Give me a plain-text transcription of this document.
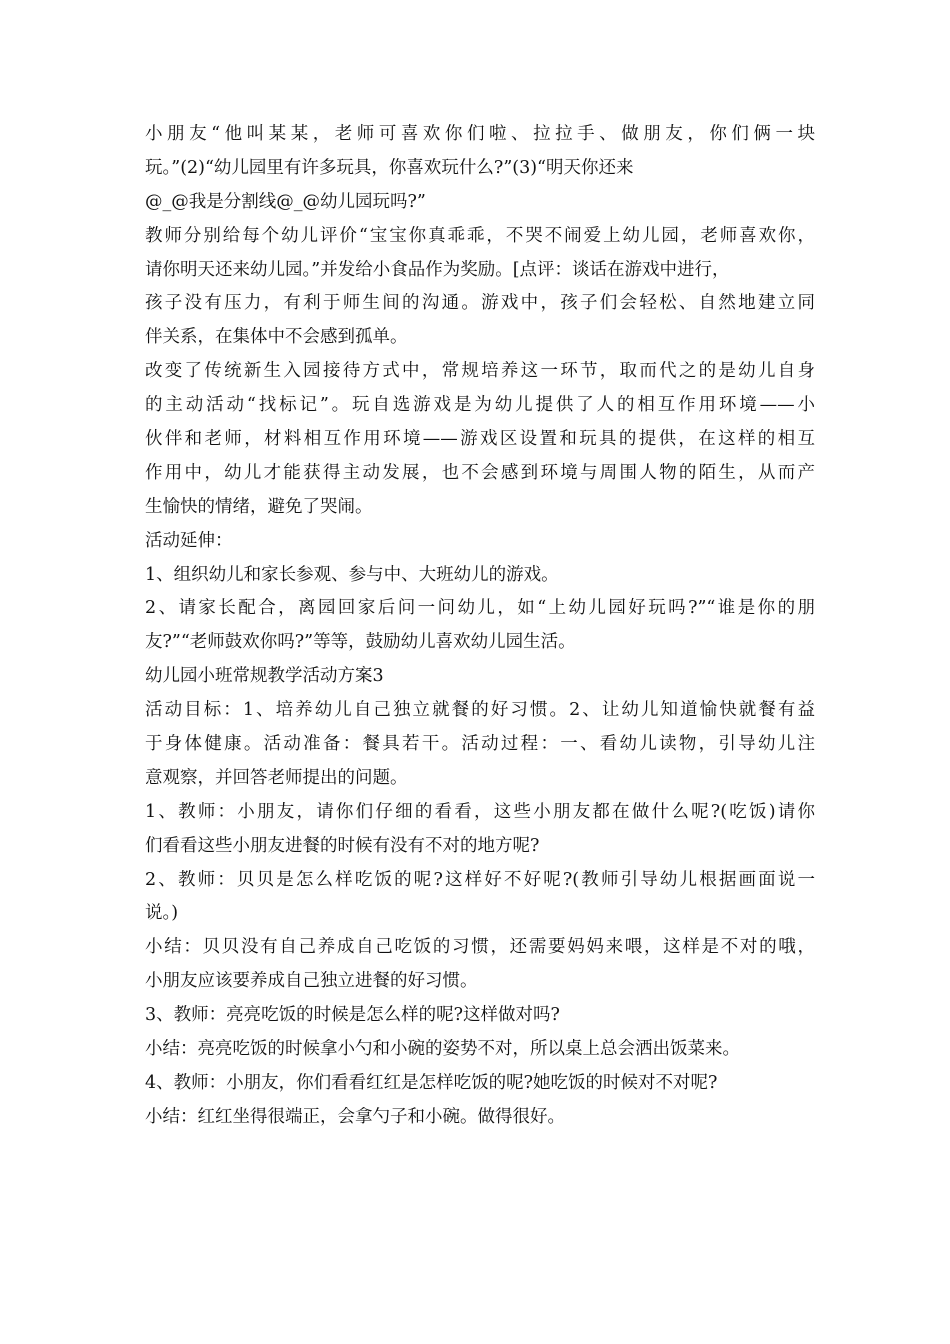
小朋友“他叫某某，老师可喜欢你们啦、拉拉手、做朋友，你们俩一块
玩。”(2)“幼儿园里有许多玩具，你喜欢玩什么?”(3)“明天你还来
@_@我是分割线@_@幼儿园玩吗?”
教师分别给每个幼儿评价“宝宝你真乖乖，不哭不闹爱上幼儿园，老师喜欢你，
请你明天还来幼儿园。”并发给小食品作为奖励。[点评：谈话在游戏中进行，
孩子没有压力，有利于师生间的沟通。游戏中，孩子们会轻松、自然地建立同
伴关系，在集体中不会感到孤单。
改变了传统新生入园接待方式中，常规培养这一环节，取而代之的是幼儿自身
的主动活动“找标记”。玩自选游戏是为幼儿提供了人的相互作用环境——小
伙伴和老师，材料相互作用环境——游戏区设置和玩具的提供，在这样的相互
作用中，幼儿才能获得主动发展，也不会感到环境与周围人物的陌生，从而产
生愉快的情绪，避免了哭闹。
活动延伸：
1、组织幼儿和家长参观、参与中、大班幼儿的游戏。
2、请家长配合，离园回家后问一问幼儿，如“上幼儿园好玩吗?”“谁是你的朋
友?”“老师鼓欢你吗?”等等，鼓励幼儿喜欢幼儿园生活。
幼儿园小班常规教学活动方案3
活动目标：1、培养幼儿自己独立就餐的好习惯。2、让幼儿知道愉快就餐有益
于身体健康。活动准备：餐具若干。活动过程：一、看幼儿读物，引导幼儿注
意观察，并回答老师提出的问题。
1、教师：小朋友，请你们仔细的看看，这些小朋友都在做什么呢?(吃饭)请你
们看看这些小朋友进餐的时候有没有不对的地方呢?
2、教师：贝贝是怎么样吃饭的呢?这样好不好呢?(教师引导幼儿根据画面说一
说。)
小结：贝贝没有自己养成自己吃饭的习惯，还需要妈妈来喂，这样是不对的哦，
小朋友应该要养成自己独立进餐的好习惯。
3、教师：亮亮吃饭的时候是怎么样的呢?这样做对吗?
小结：亮亮吃饭的时候拿小勺和小碗的姿势不对，所以桌上总会洒出饭菜来。
4、教师：小朋友，你们看看红红是怎样吃饭的呢?她吃饭的时候对不对呢?
小结：红红坐得很端正，会拿勺子和小碗。做得很好。
